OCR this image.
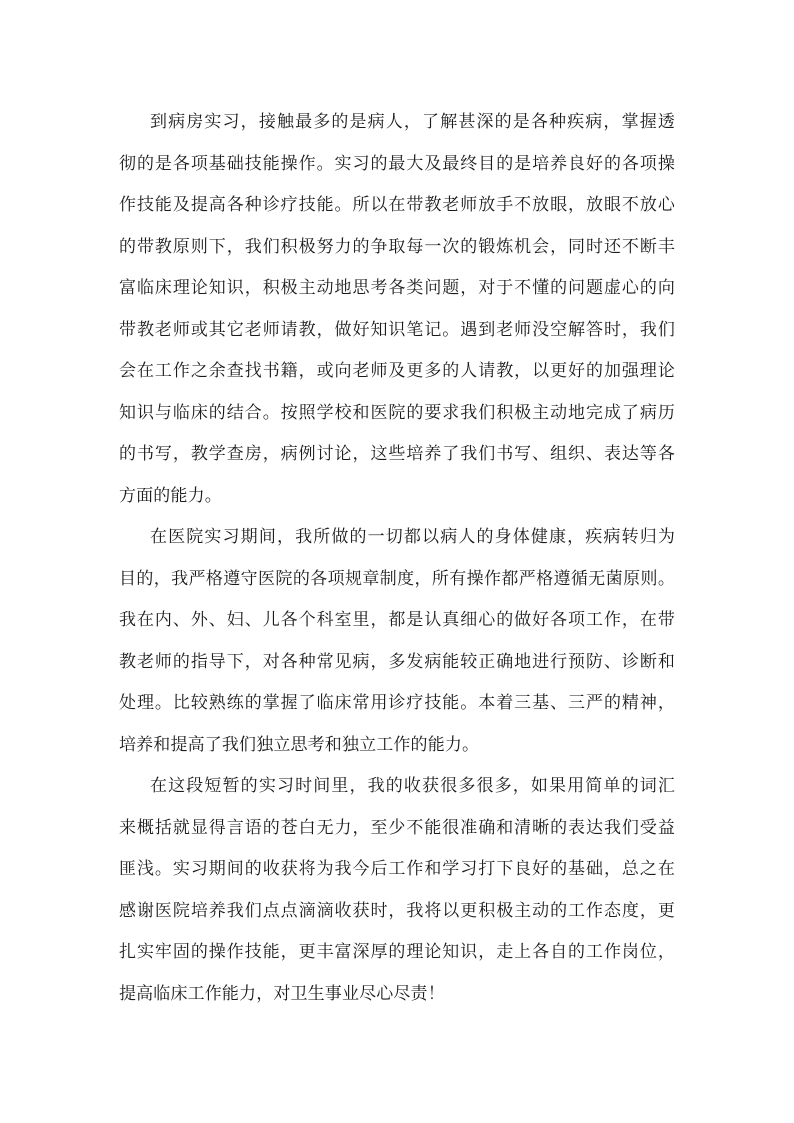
到病房实习，接触最多的是病人，了解甚深的是各种疾病，掌握透
彻的是各项基础技能操作。实习的最大及最终目的是培养良好的各项操
作技能及提高各种诊疗技能。所以在带教老师放手不放眼，放眼不放心
的带教原则下，我们积极努力的争取每一次的锻炼机会，同时还不断丰
富临床理论知识，积极主动地思考各类问题，对于不懂的问题虚心的向
带教老师或其它老师请教，做好知识笔记。遇到老师没空解答时，我们
会在工作之余查找书籍，或向老师及更多的人请教，以更好的加强理论
知识与临床的结合。按照学校和医院的要求我们积极主动地完成了病历
的书写，教学查房，病例讨论，这些培养了我们书写、组织、表达等各
方面的能力。
在医院实习期间，我所做的一切都以病人的身体健康，疾病转归为
目的，我严格遵守医院的各项规章制度，所有操作都严格遵循无菌原则。
我在内、外、妇、儿各个科室里，都是认真细心的做好各项工作，在带
教老师的指导下，对各种常见病，多发病能较正确地进行预防、诊断和
处理。比较熟练的掌握了临床常用诊疗技能。本着三基、三严的精神，
培养和提高了我们独立思考和独立工作的能力。
在这段短暂的实习时间里，我的收获很多很多，如果用简单的词汇
来概括就显得言语的苍白无力，至少不能很准确和清晰的表达我们受益
匪浅。实习期间的收获将为我今后工作和学习打下良好的基础，总之在
感谢医院培养我们点点滴滴收获时，我将以更积极主动的工作态度，更
扎实牢固的操作技能，更丰富深厚的理论知识，走上各自的工作岗位，
提高临床工作能力，对卫生事业尽心尽责！
